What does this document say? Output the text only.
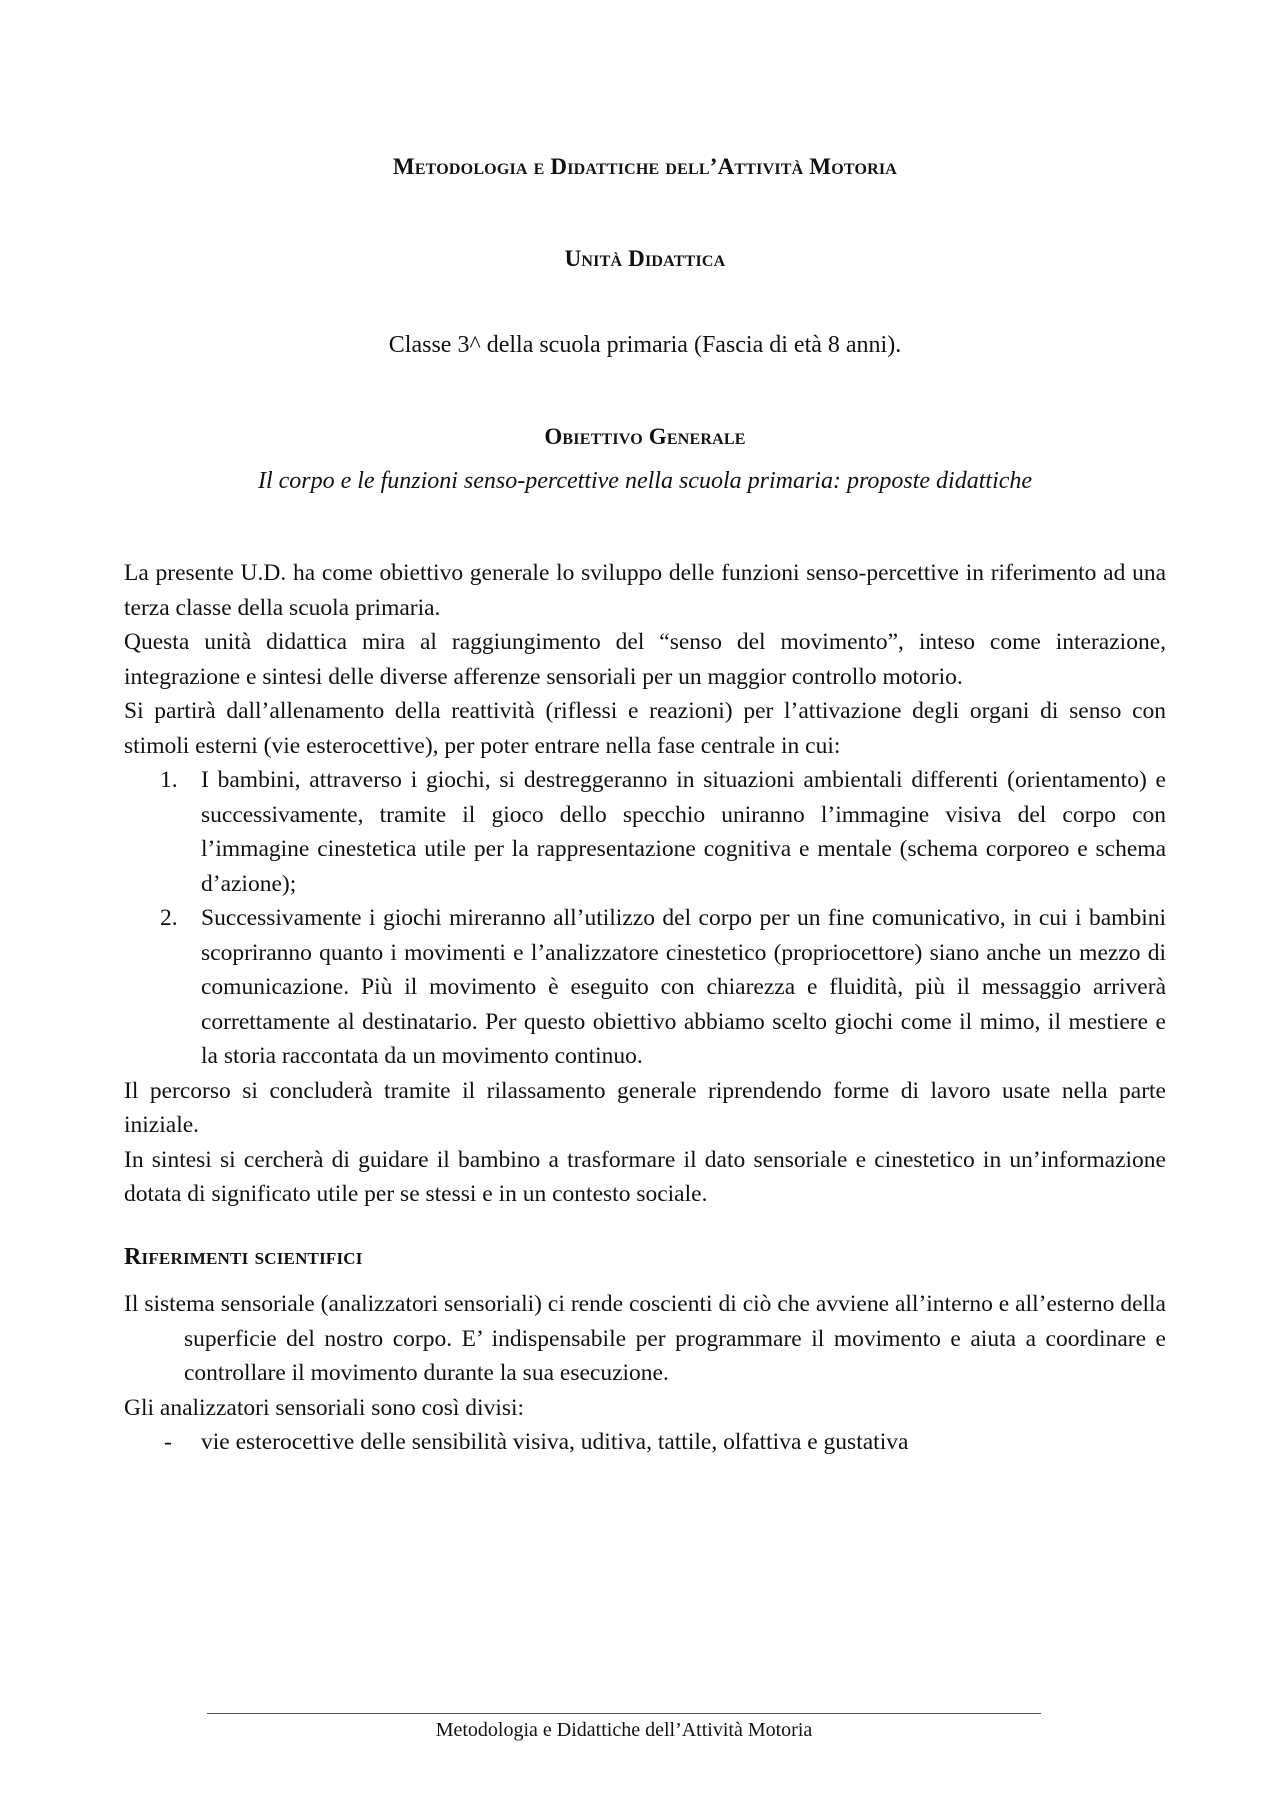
Metodologia e Didattiche dell’Attività Motoria
Unità Didattica
Classe 3^ della scuola primaria (Fascia di età 8 anni).
Obiettivo Generale
Il corpo e le funzioni senso-percettive nella scuola primaria: proposte didattiche
La presente U.D. ha come obiettivo generale lo sviluppo delle funzioni senso-percettive in riferimento ad una terza classe della scuola primaria.
Questa unità didattica mira al raggiungimento del “senso del movimento”, inteso come interazione, integrazione e sintesi delle diverse afferenze sensoriali per un maggior controllo motorio.
Si partirà dall’allenamento della reattività (riflessi e reazioni) per l’attivazione degli organi di senso con stimoli esterni (vie esterocettive), per poter entrare nella fase centrale in cui:
1. I bambini, attraverso i giochi, si destreggeranno in situazioni ambientali differenti (orientamento) e successivamente, tramite il gioco dello specchio uniranno l’immagine visiva del corpo con l’immagine cinestetica utile per la rappresentazione cognitiva e mentale (schema corporeo e schema d’azione);
2. Successivamente i giochi mireranno all’utilizzo del corpo per un fine comunicativo, in cui i bambini scopriranno quanto i movimenti e l’analizzatore cinestetico (propriocettore) siano anche un mezzo di comunicazione. Più il movimento è eseguito con chiarezza e fluidità, più il messaggio arriverà correttamente al destinatario. Per questo obiettivo abbiamo scelto giochi come il mimo, il mestiere e la storia raccontata da un movimento continuo.
Il percorso si concluderà tramite il rilassamento generale riprendendo forme di lavoro usate nella parte iniziale.
In sintesi si cercherà di guidare il bambino a trasformare il dato sensoriale e cinestetico in un’informazione dotata di significato utile per se stessi e in un contesto sociale.
Riferimenti scientifici
Il sistema sensoriale (analizzatori sensoriali) ci rende coscienti di ciò che avviene all’interno e all’esterno della superficie del nostro corpo. E’ indispensabile per programmare il movimento e aiuta a coordinare e controllare il movimento durante la sua esecuzione.
Gli analizzatori sensoriali sono così divisi:
- vie esterocettive delle sensibilità visiva, uditiva, tattile, olfattiva e gustativa
Metodologia e Didattiche dell’Attività Motoria
